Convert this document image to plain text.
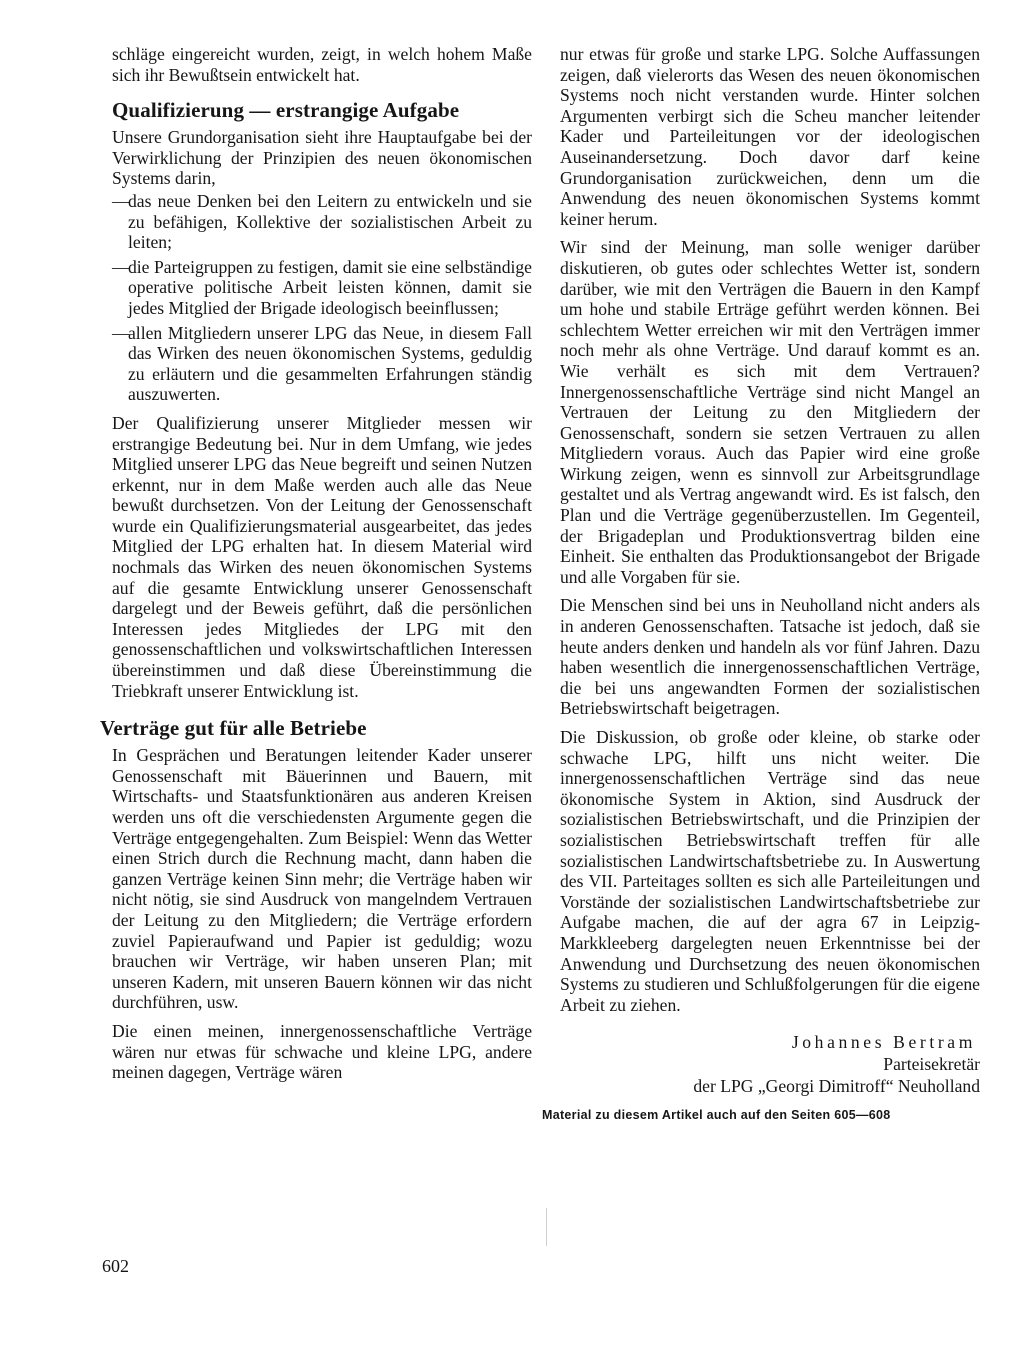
schläge eingereicht wurden, zeigt, in welch hohem Maße sich ihr Bewußtsein entwickelt hat.

Qualifizierung — erstrangige Aufgabe

Unsere Grundorganisation sieht ihre Hauptaufgabe bei der Verwirklichung der Prinzipien des neuen ökonomischen Systems darin,

—
das neue Denken bei den Leitern zu entwickeln und sie zu befähigen, Kollektive der sozialistischen Arbeit zu leiten;
—
die Parteigruppen zu festigen, damit sie eine selbständige operative politische Arbeit leisten können, damit sie jedes Mitglied der Brigade ideologisch beeinflussen;
—
allen Mitgliedern unserer LPG das Neue, in diesem Fall das Wirken des neuen ökonomischen Systems, geduldig zu erläutern und die gesammelten Erfahrungen ständig auszuwerten.

Der Qualifizierung unserer Mitglieder messen wir erstrangige Bedeutung bei. Nur in dem Umfang, wie jedes Mitglied unserer LPG das Neue begreift und seinen Nutzen erkennt, nur in dem Maße werden auch alle das Neue bewußt durchsetzen. Von der Leitung der Genossenschaft wurde ein Qualifizierungsmaterial ausgearbeitet, das jedes Mitglied der LPG erhalten hat. In diesem Material wird nochmals das Wirken des neuen ökonomischen Systems auf die gesamte Entwicklung unserer Genossenschaft dargelegt und der Beweis geführt, daß die persönlichen Interessen jedes Mitgliedes der LPG mit den genossenschaftlichen und volkswirtschaftlichen Interessen übereinstimmen und daß diese Übereinstimmung die Triebkraft unserer Entwicklung ist.

Verträge gut für alle Betriebe

In Gesprächen und Beratungen leitender Kader unserer Genossenschaft mit Bäuerinnen und Bauern, mit Wirtschafts- und Staatsfunktionären aus anderen Kreisen werden uns oft die verschiedensten Argumente gegen die Verträge entgegengehalten. Zum Beispiel: Wenn das Wetter einen Strich durch die Rechnung macht, dann haben die ganzen Verträge keinen Sinn mehr; die Verträge haben wir nicht nötig, sie sind Ausdruck von mangelndem Vertrauen der Leitung zu den Mitgliedern; die Verträge erfordern zuviel Papieraufwand und Papier ist geduldig; wozu brauchen wir Verträge, wir haben unseren Plan; mit unseren Kadern, mit unseren Bauern können wir das nicht durchführen, usw.

Die einen meinen, innergenossenschaftliche Verträge wären nur etwas für schwache und kleine LPG, andere meinen dagegen, Verträge wären

nur etwas für große und starke LPG. Solche Auffassungen zeigen, daß vielerorts das Wesen des neuen ökonomischen Systems noch nicht verstanden wurde. Hinter solchen Argumenten verbirgt sich die Scheu mancher leitender Kader und Parteileitungen vor der ideologischen Auseinandersetzung. Doch davor darf keine Grundorganisation zurückweichen, denn um die Anwendung des neuen ökonomischen Systems kommt keiner herum.

Wir sind der Meinung, man solle weniger darüber diskutieren, ob gutes oder schlechtes Wetter ist, sondern darüber, wie mit den Verträgen die Bauern in den Kampf um hohe und stabile Erträge geführt werden können. Bei schlechtem Wetter erreichen wir mit den Verträgen immer noch mehr als ohne Verträge. Und darauf kommt es an. Wie verhält es sich mit dem Vertrauen? Innergenossenschaftliche Verträge sind nicht Mangel an Vertrauen der Leitung zu den Mitgliedern der Genossenschaft, sondern sie setzen Vertrauen zu allen Mitgliedern voraus. Auch das Papier wird eine große Wirkung zeigen, wenn es sinnvoll zur Arbeitsgrundlage gestaltet und als Vertrag angewandt wird. Es ist falsch, den Plan und die Verträge gegenüberzustellen. Im Gegenteil, der Brigadeplan und Produktionsvertrag bilden eine Einheit. Sie enthalten das Produktionsangebot der Brigade und alle Vorgaben für sie.

Die Menschen sind bei uns in Neuholland nicht anders als in anderen Genossenschaften. Tatsache ist jedoch, daß sie heute anders denken und handeln als vor fünf Jahren. Dazu haben wesentlich die innergenossenschaftlichen Verträge, die bei uns angewandten Formen der sozialistischen Betriebswirtschaft beigetragen.

Die Diskussion, ob große oder kleine, ob starke oder schwache LPG, hilft uns nicht weiter. Die innergenossenschaftlichen Verträge sind das neue ökonomische System in Aktion, sind Ausdruck der sozialistischen Betriebswirtschaft, und die Prinzipien der sozialistischen Betriebswirtschaft treffen für alle sozialistischen Landwirtschaftsbetriebe zu. In Auswertung des VII. Parteitages sollten es sich alle Parteileitungen und Vorstände der sozialistischen Landwirtschaftsbetriebe zur Aufgabe machen, die auf der agra 67 in Leipzig-Markkleeberg dargelegten neuen Erkenntnisse bei der Anwendung und Durchsetzung des neuen ökonomischen Systems zu studieren und Schlußfolgerungen für die eigene Arbeit zu ziehen.

Johannes Bertram
Parteisekretär
der LPG „Georgi Dimitroff“ Neuholland
Material zu diesem Artikel auch auf den Seiten 605—608
602
